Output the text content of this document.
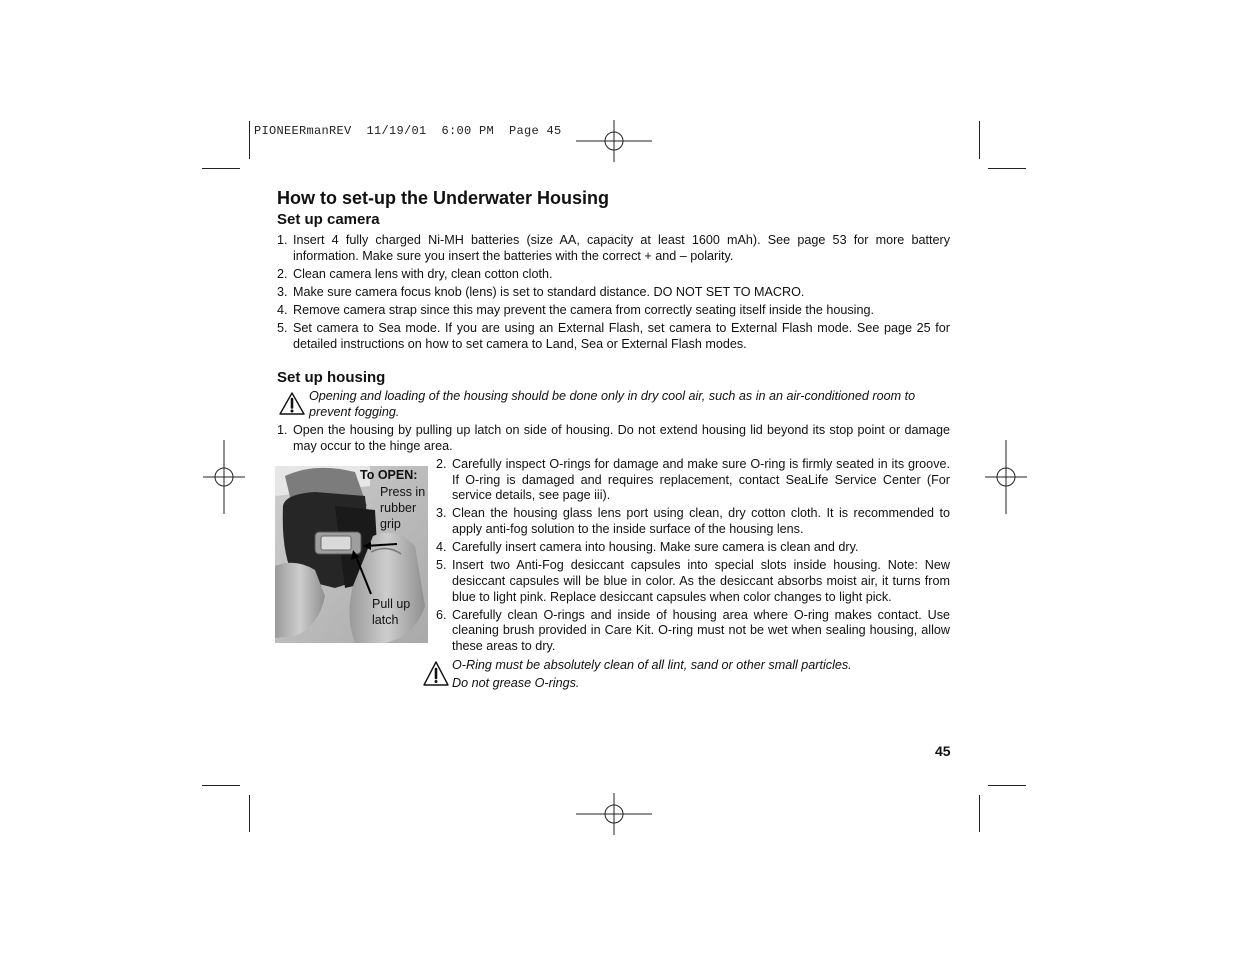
PIONEERmanREV  11/19/01  6:00 PM  Page 45
How to set-up the Underwater Housing
Set up camera
1. Insert 4 fully charged Ni-MH batteries (size AA, capacity at least 1600 mAh). See page 53 for more battery information. Make sure you insert the batteries with the correct + and – polarity.
2. Clean camera lens with dry, clean cotton cloth.
3. Make sure camera focus knob (lens) is set to standard distance. DO NOT SET TO MACRO.
4. Remove camera strap since this may prevent the camera from correctly seating itself inside the housing.
5. Set camera to Sea mode. If you are using an External Flash, set camera to External Flash mode. See page 25 for detailed instructions on how to set camera to Land, Sea or External Flash modes.
Set up housing
Opening and loading of the housing should be done only in dry cool air, such as in an air-conditioned room to prevent fogging.
1. Open the housing by pulling up latch on side of housing. Do not extend housing lid beyond its stop point or damage may occur to the hinge area.
To OPEN:
Press in
rubber
grip
Pull up
latch
2. Carefully inspect O-rings for damage and make sure O-ring is firmly seated in its groove. If O-ring is damaged and requires replacement, contact SeaLife Service Center (For service details, see page iii).
3. Clean the housing glass lens port using clean, dry cotton cloth. It is recommended to apply anti-fog solution to the inside surface of the housing lens.
4. Carefully insert camera into housing. Make sure camera is clean and dry.
5. Insert two Anti-Fog desiccant capsules into special slots inside housing. Note: New desiccant capsules will be blue in color. As the desiccant absorbs moist air, it turns from blue to light pink. Replace desiccant capsules when color changes to light pick.
6. Carefully clean O-rings and inside of housing area where O-ring makes contact. Use cleaning brush provided in Care Kit. O-ring must not be wet when sealing housing, allow these areas to dry.
O-Ring must be absolutely clean of all lint, sand or other small particles.
Do not grease O-rings.
45
